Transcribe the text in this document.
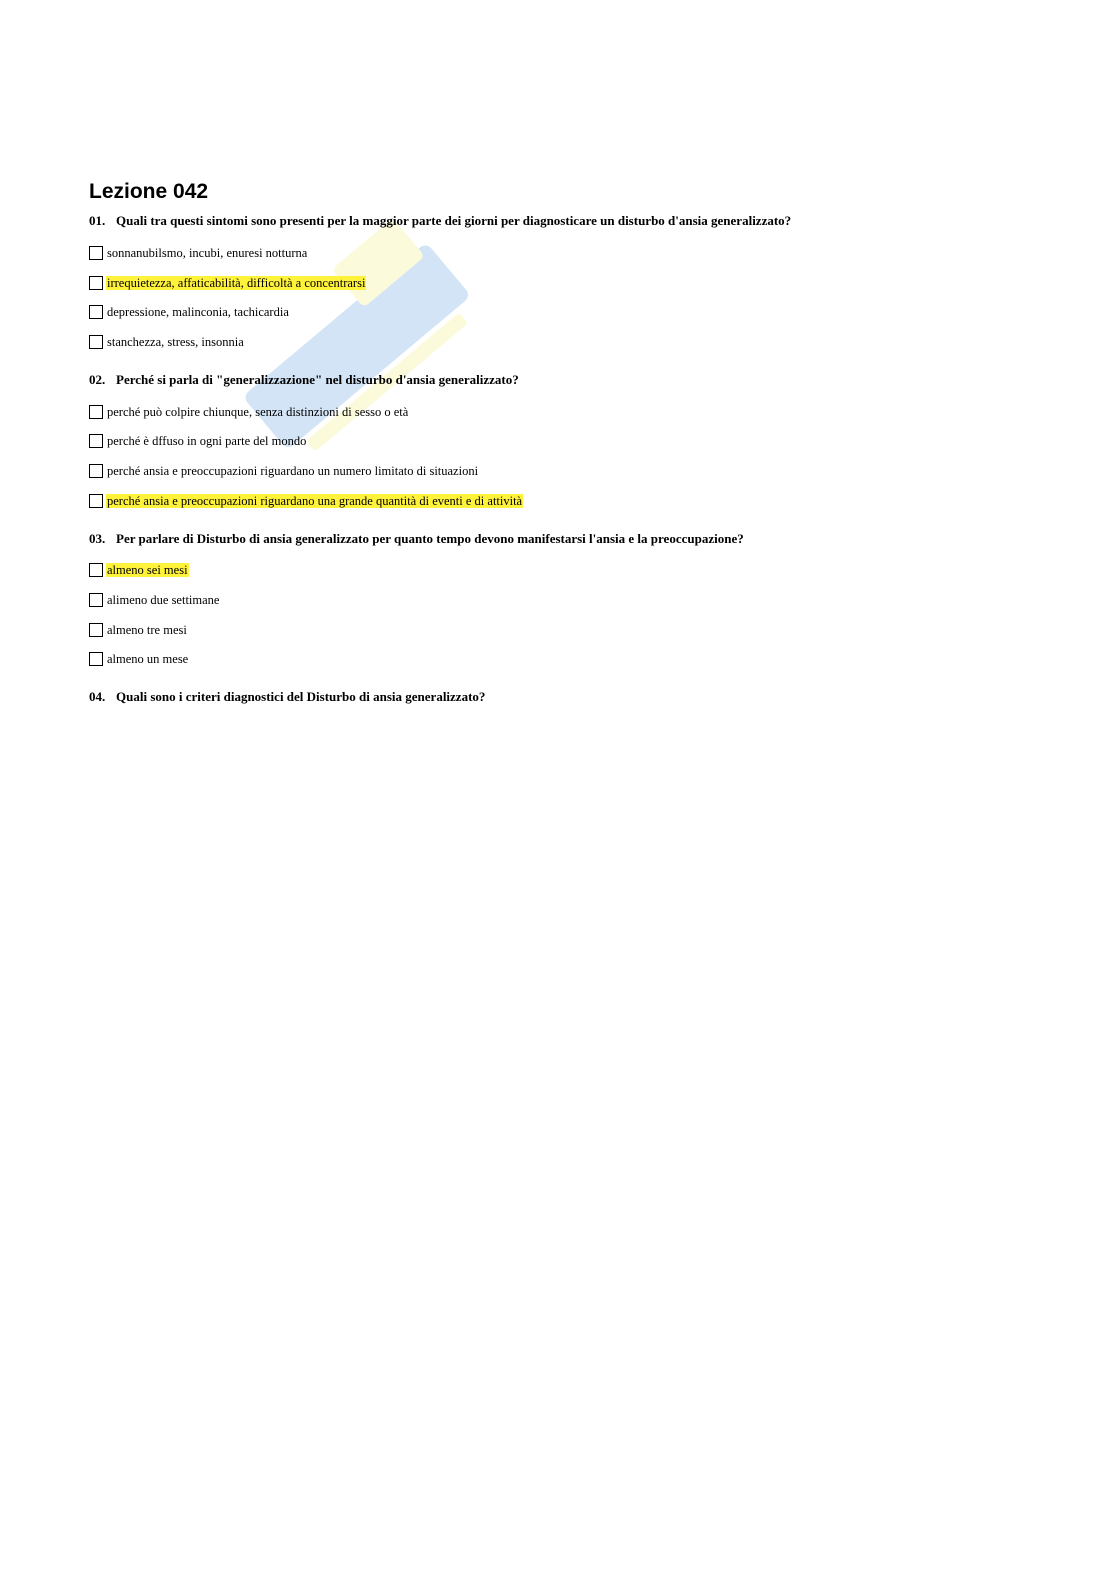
Lezione 042

01. Quali tra questi sintomi sono presenti per la maggior parte dei giorni per diagnosticare un disturbo d'ansia generalizzato?

sonnanubilsmo, incubi, enuresi notturna
irrequietezza, affaticabilità, difficoltà a concentrarsi
depressione, malinconia, tachicardia
stanchezza, stress, insonnia

02. Perché si parla di "generalizzazione" nel disturbo d'ansia generalizzato?

perché può colpire chiunque, senza distinzioni di sesso o età
perché è dffuso in ogni parte del mondo
perché ansia e preoccupazioni riguardano un numero limitato di situazioni
perché ansia e preoccupazioni riguardano una grande quantità di eventi e di attività

03. Per parlare di Disturbo di ansia generalizzato per quanto tempo devono manifestarsi l'ansia e la preoccupazione?

almeno sei mesi
alimeno due settimane
almeno tre mesi
almeno un mese

04. Quali sono i criteri diagnostici del Disturbo di ansia generalizzato?
